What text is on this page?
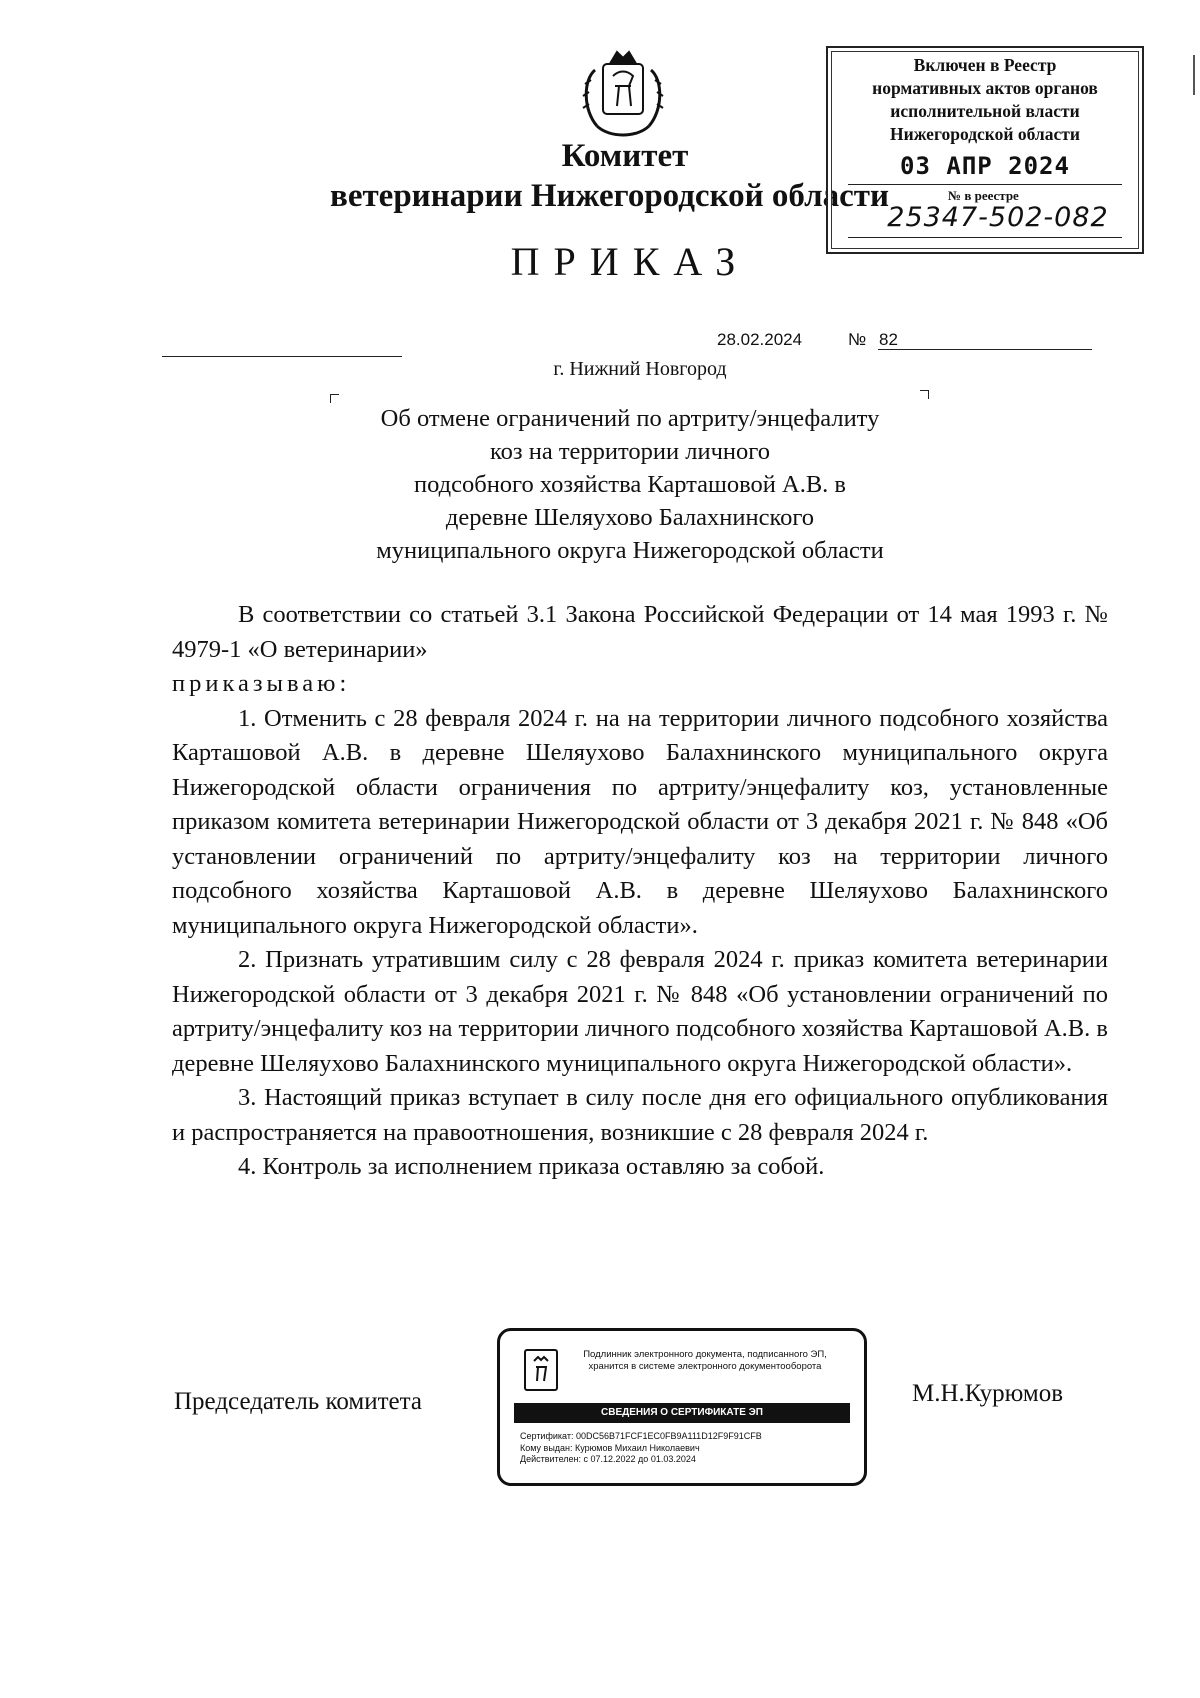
Комитет
ветеринарии Нижегородской области
ПРИКАЗ
Включен в Реестр
нормативных актов органов
исполнительной власти
Нижегородской области
03 АПР 2024
№ в реестре
25347-502-082
28.02.2024	№ 82
г. Нижний Новгород
Об отмене ограничений по артриту/энцефалиту
коз на территории личного
подсобного хозяйства Карташовой А.В. в
деревне Шеляухово Балахнинского
муниципального округа Нижегородской области

В соответствии со статьей 3.1 Закона Российской Федерации от 14 мая 1993 г. № 4979-1 «О ветеринарии»

приказываю:

1. Отменить с 28 февраля 2024 г. на на территории личного подсобного хозяйства Карташовой А.В. в деревне Шеляухово Балахнинского муниципального округа Нижегородской области ограничения по артриту/энцефалиту коз, установленные приказом комитета ветеринарии Нижегородской области от 3 декабря 2021 г. № 848 «Об установлении ограничений по артриту/энцефалиту коз на территории личного подсобного хозяйства Карташовой А.В. в деревне Шеляухово Балахнинского муниципального округа Нижегородской области».

2. Признать утратившим силу с 28 февраля 2024 г. приказ комитета ветеринарии Нижегородской области от 3 декабря 2021 г. № 848 «Об установлении ограничений по артриту/энцефалиту коз на территории личного подсобного хозяйства Карташовой А.В. в деревне Шеляухово Балахнинского муниципального округа Нижегородской области».

3. Настоящий приказ вступает в силу после дня его официального опубликования и распространяется на правоотношения, возникшие с 28 февраля 2024 г.

4. Контроль за исполнением приказа оставляю за собой.

Председатель комитета	М.Н.Курюмов
Подлинник электронного документа, подписанного ЭП,
хранится в системе электронного документооборота
СВЕДЕНИЯ О СЕРТИФИКАТЕ ЭП
Сертификат: 00DC56B71FCF1EC0FB9A111D12F9F91CFB
Кому выдан: Курюмов Михаил Николаевич
Действителен: с 07.12.2022 до 01.03.2024
